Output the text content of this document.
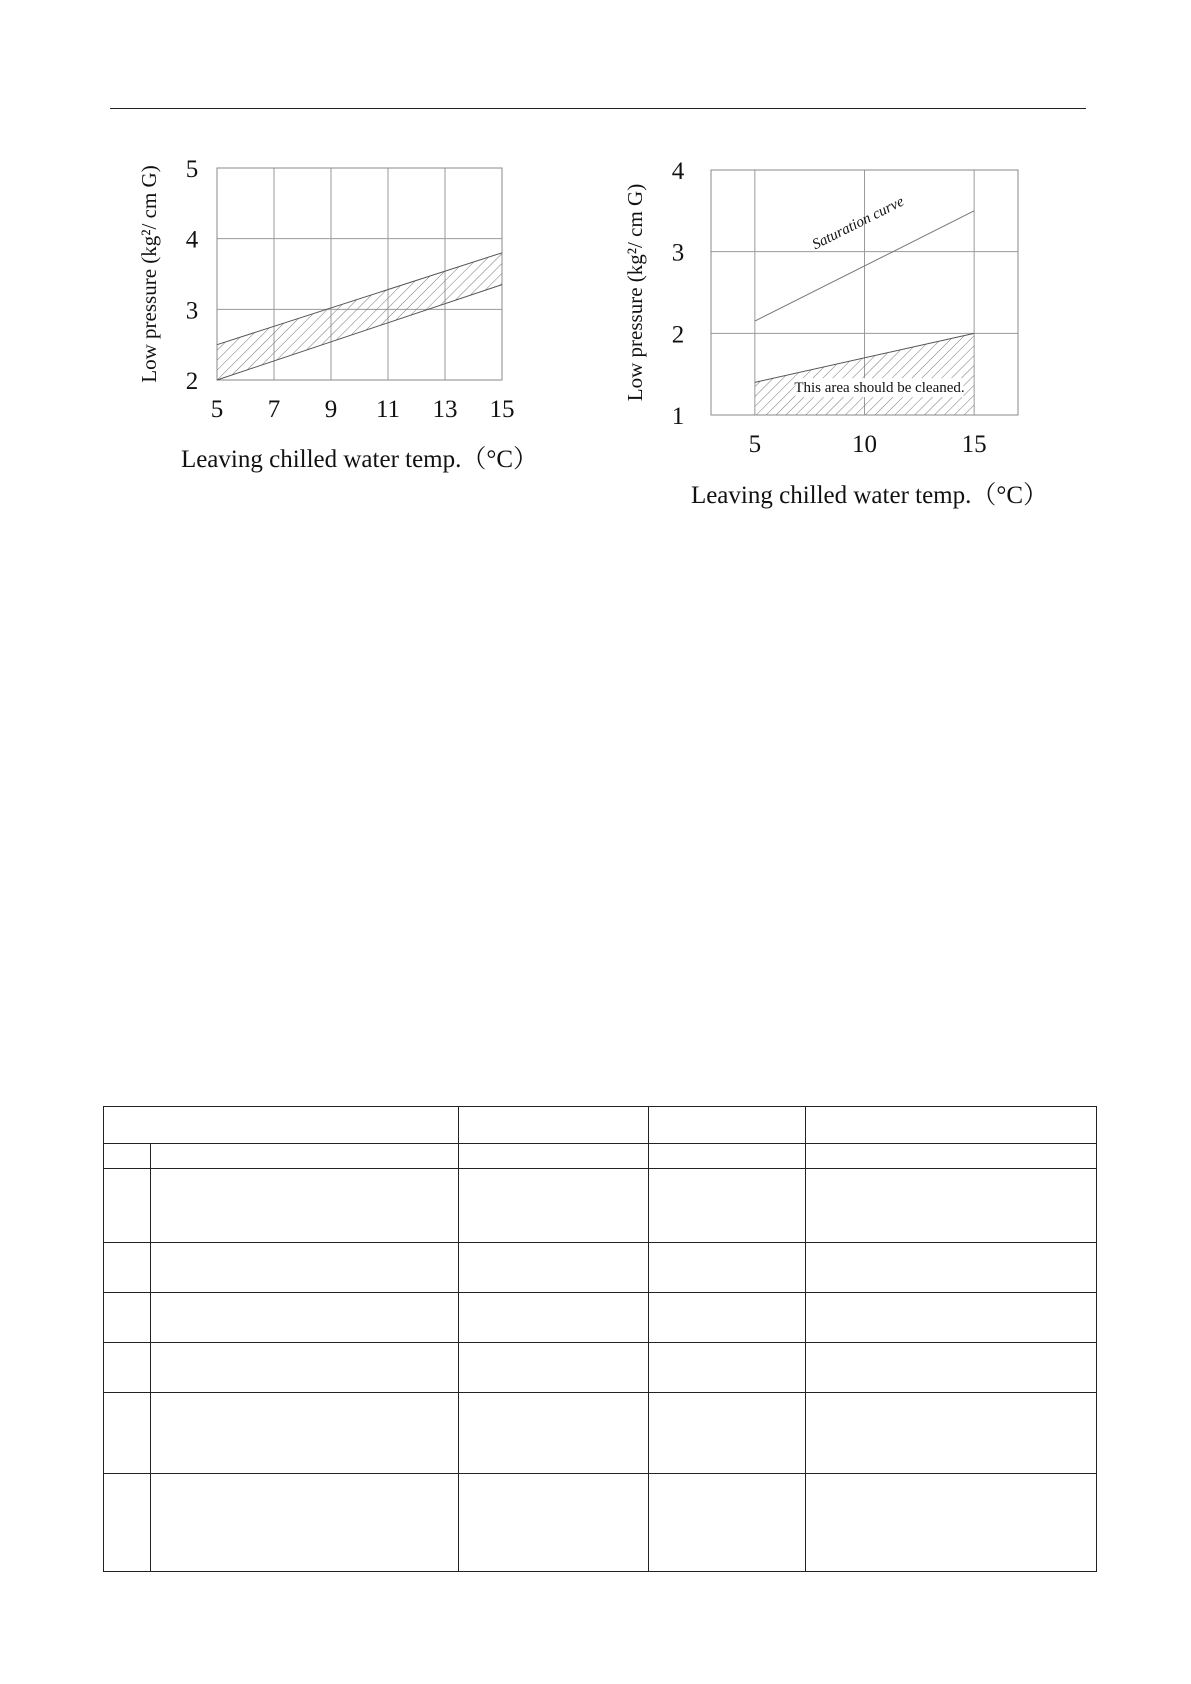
5 7 9 11 13 15
2
3
4
5
Leaving chilled water temp.（°C）
Low pressure (kg²/ cm G)
This area should be cleaned.
Saturation curve
5	10	15
1
2
3
4
Leaving chilled water temp.（°C）
Low pressure (kg²/ cm G)
